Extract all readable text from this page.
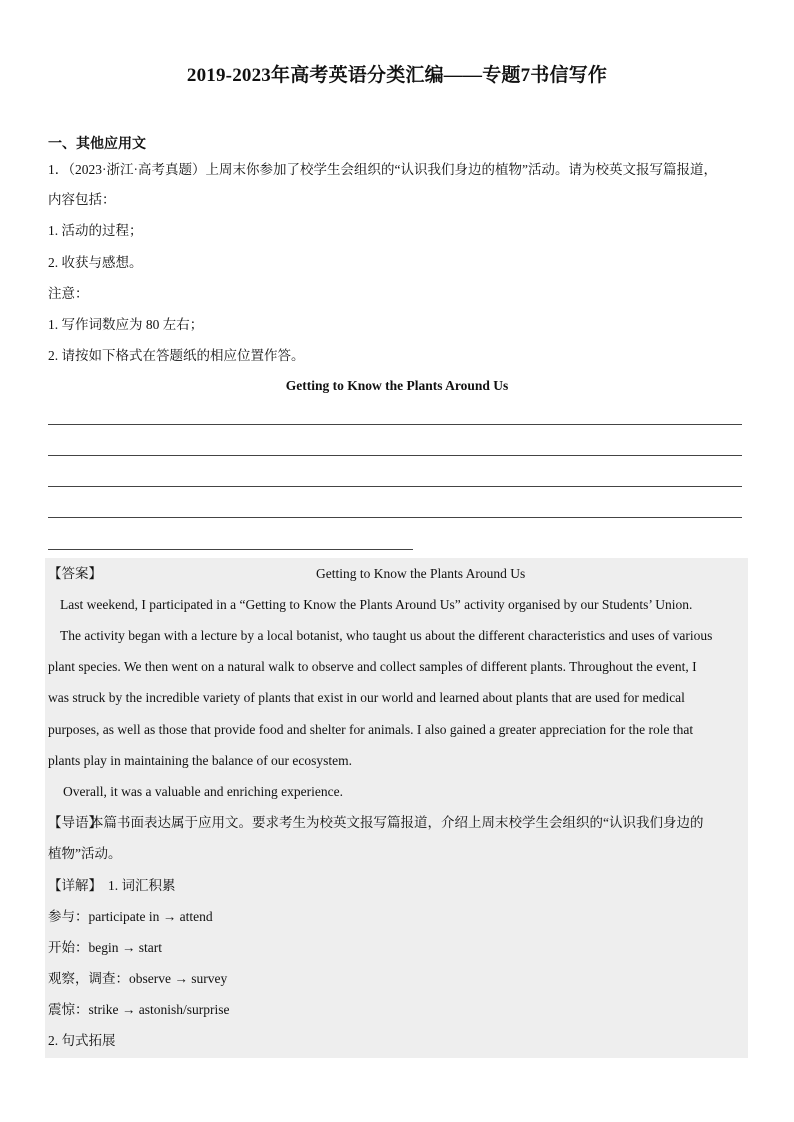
2019-2023年高考英语分类汇编——专题7书信写作
一、其他应用文
1．（2023·浙江·高考真题）上周末你参加了校学生会组织的“认识我们身边的植物”活动。请为校英文报写篇报道，
内容包括：
1. 活动的过程；
2. 收获与感想。
注意：
1. 写作词数应为 80 左右；
2. 请按如下格式在答题纸的相应位置作答。
Getting to Know the Plants Around Us
【答案】	Getting to Know the Plants Around Us
Last weekend, I participated in a “Getting to Know the Plants Around Us” activity organised by our Students’ Union.
The activity began with a lecture by a local botanist, who taught us about the different characteristics and uses of various
plant species. We then went on a natural walk to observe and collect samples of different plants. Throughout the event, I
was struck by the incredible variety of plants that exist in our world and learned about plants that are used for medical
purposes, as well as those that provide food and shelter for animals. I also gained a greater appreciation for the role that
plants play in maintaining the balance of our ecosystem.
Overall, it was a valuable and enriching experience.
【导语】
本篇书面表达属于应用文。要求考生为校英文报写篇报道，介绍上周末校学生会组织的“认识我们身边的
植物”活动。
【详解】 1. 词汇积累
参与：participate in → attend
开始：begin → start
观察，调查：observe → survey
震惊：strike → astonish/surprise
2. 句式拓展
